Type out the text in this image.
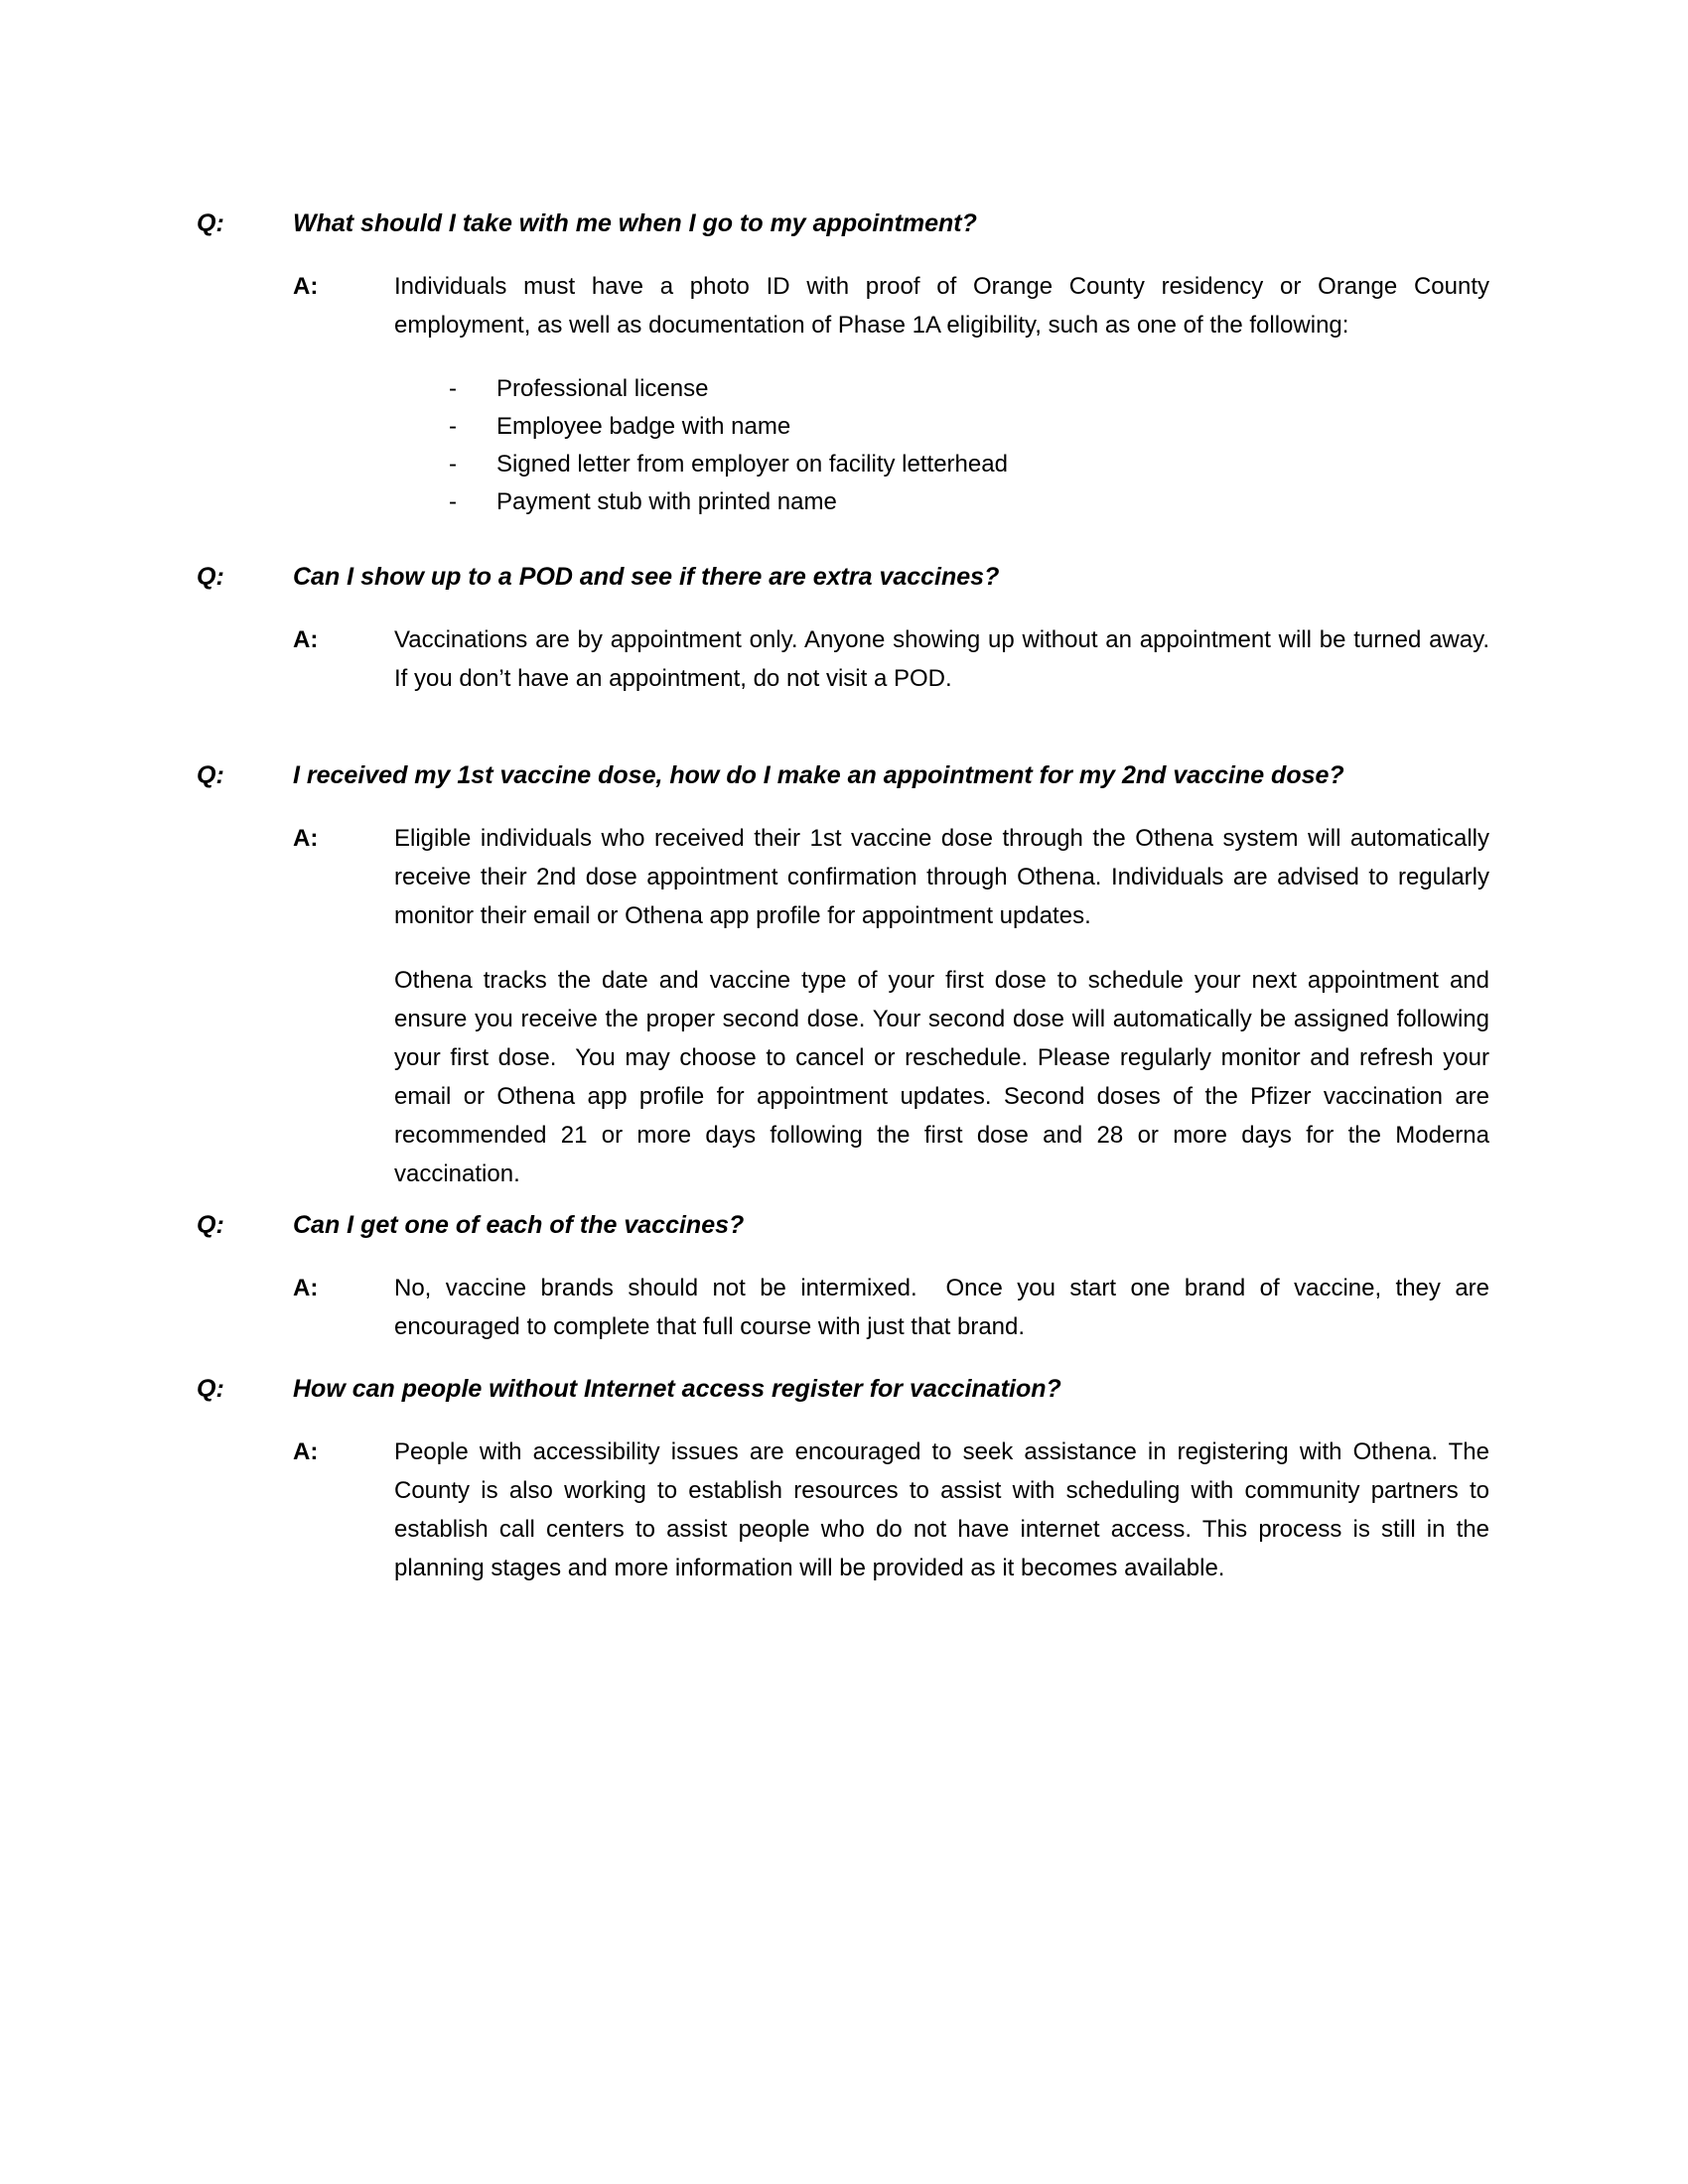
Q:	What should I take with me when I go to my appointment?
A:	Individuals must have a photo ID with proof of Orange County residency or Orange County employment, as well as documentation of Phase 1A eligibility, such as one of the following:

-	Professional license
-	Employee badge with name
-	Signed letter from employer on facility letterhead
-	Payment stub with printed name
Q:	Can I show up to a POD and see if there are extra vaccines?
A:	Vaccinations are by appointment only. Anyone showing up without an appointment will be turned away.  If you don’t have an appointment, do not visit a POD.

Q:	I received my 1st vaccine dose, how do I make an appointment for my 2nd vaccine dose?
A:	Eligible individuals who received their 1st vaccine dose through the Othena system will automatically receive their 2nd dose appointment confirmation through Othena. Individuals are advised to regularly monitor their email or Othena app profile for appointment updates.

Othena tracks the date and vaccine type of your first dose to schedule your next appointment and ensure you receive the proper second dose. Your second dose will automatically be assigned following your first dose.  You may choose to cancel or reschedule. Please regularly monitor and refresh your email or Othena app profile for appointment updates. Second doses of the Pfizer vaccination are recommended 21 or more days following the first dose and 28 or more days for the Moderna vaccination.

Q:	Can I get one of each of the vaccines?
A:	No, vaccine brands should not be intermixed.  Once you start one brand of vaccine, they are encouraged to complete that full course with just that brand.

Q:	How can people without Internet access register for vaccination?
A:	People with accessibility issues are encouraged to seek assistance in registering with Othena. The County is also working to establish resources to assist with scheduling with community partners to establish call centers to assist people who do not have internet access. This process is still in the planning stages and more information will be provided as it becomes available.
